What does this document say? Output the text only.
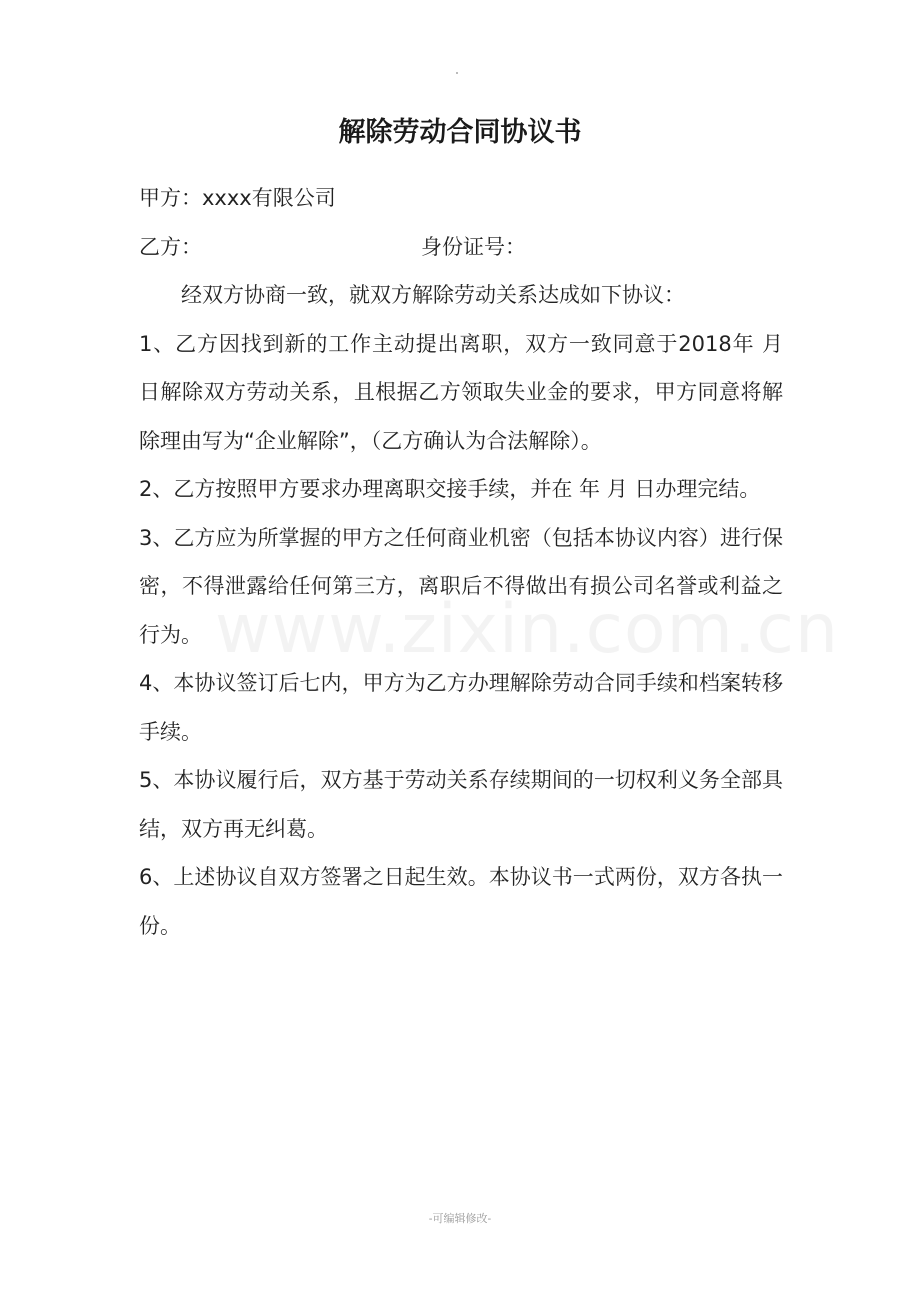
解除劳动合同协议书
www.zixin.com.cn

甲方：xxxx有限公司

乙方：	身份证号：

经双方协商一致，就双方解除劳动关系达成如下协议：

1、乙方因找到新的工作主动提出离职，双方一致同意于2018年 月 日解除双方劳动关系，且根据乙方领取失业金的要求，甲方同意将解除理由写为“企业解除”，（乙方确认为合法解除）。

2、乙方按照甲方要求办理离职交接手续，并在 年 月 日办理完结。

3、乙方应为所掌握的甲方之任何商业机密（包括本协议内容）进行保密，不得泄露给任何第三方，离职后不得做出有损公司名誉或利益之行为。

4、本协议签订后七内，甲方为乙方办理解除劳动合同手续和档案转移手续。

5、本协议履行后，双方基于劳动关系存续期间的一切权利义务全部具结，双方再无纠葛。

6、上述协议自双方签署之日起生效。本协议书一式两份，双方各执一份。

-可编辑修改-
